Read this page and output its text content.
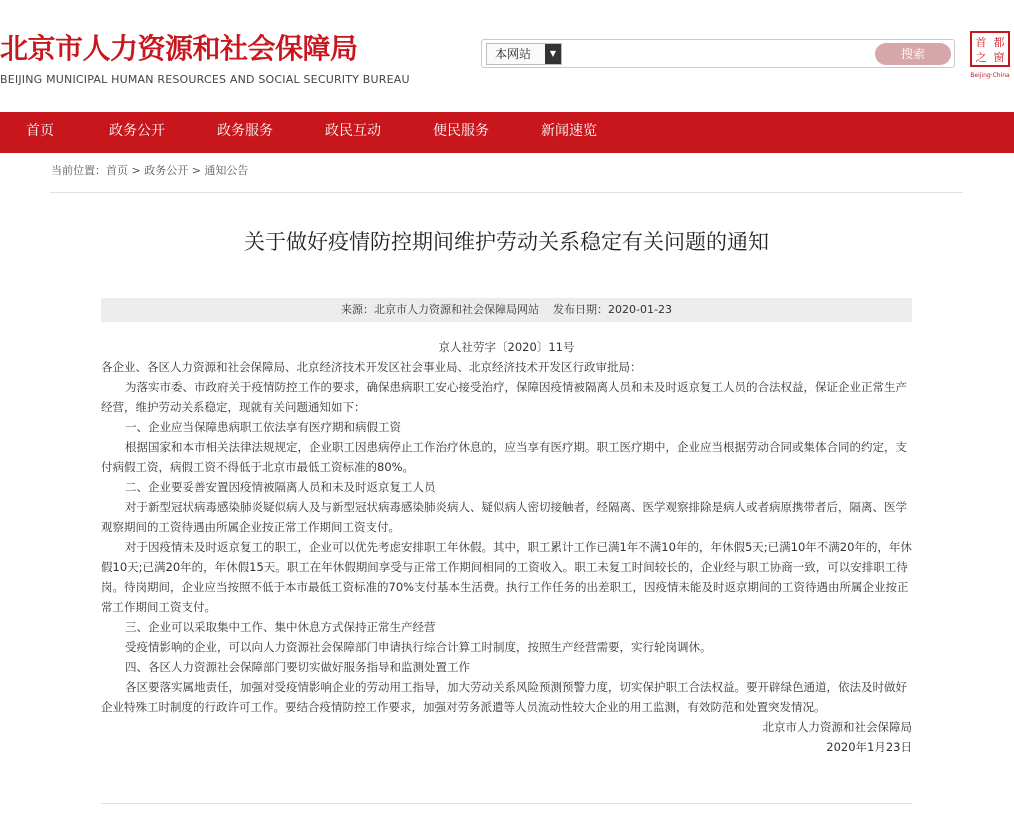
北京市人力资源和社会保障局
BEIJING MUNICIPAL HUMAN RESOURCES AND SOCIAL SECURITY BUREAU
本网站	▼	搜索
首 都
之 窗
Beijing·China
首页	政务公开	政务服务	政民互动	便民服务	新闻速览
当前位置：首页 > 政务公开 > 通知公告
关于做好疫情防控期间维护劳动关系稳定有关问题的通知
来源：北京市人力资源和社会保障局网站    发布日期：2020-01-23

京人社劳字〔2020〕11号

各企业、各区人力资源和社会保障局、北京经济技术开发区社会事业局、北京经济技术开发区行政审批局：

为落实市委、市政府关于疫情防控工作的要求，确保患病职工安心接受治疗，保障因疫情被隔离人员和未及时返京复工人员的合法权益，保证企业正常生产经营，维护劳动关系稳定，现就有关问题通知如下：

一、企业应当保障患病职工依法享有医疗期和病假工资

根据国家和本市相关法律法规规定，企业职工因患病停止工作治疗休息的，应当享有医疗期。职工医疗期中，企业应当根据劳动合同或集体合同的约定，支付病假工资，病假工资不得低于北京市最低工资标准的80%。

二、企业要妥善安置因疫情被隔离人员和未及时返京复工人员

对于新型冠状病毒感染肺炎疑似病人及与新型冠状病毒感染肺炎病人、疑似病人密切接触者，经隔离、医学观察排除是病人或者病原携带者后，隔离、医学观察期间的工资待遇由所属企业按正常工作期间工资支付。

对于因疫情未及时返京复工的职工，企业可以优先考虑安排职工年休假。其中，职工累计工作已满1年不满10年的，年休假5天;已满10年不满20年的，年休假10天;已满20年的，年休假15天。职工在年休假期间享受与正常工作期间相同的工资收入。职工未复工时间较长的，企业经与职工协商一致，可以安排职工待岗。待岗期间，企业应当按照不低于本市最低工资标准的70%支付基本生活费。执行工作任务的出差职工，因疫情未能及时返京期间的工资待遇由所属企业按正常工作期间工资支付。

三、企业可以采取集中工作、集中休息方式保持正常生产经营

受疫情影响的企业，可以向人力资源社会保障部门申请执行综合计算工时制度，按照生产经营需要，实行轮岗调休。

四、各区人力资源社会保障部门要切实做好服务指导和监测处置工作

各区要落实属地责任，加强对受疫情影响企业的劳动用工指导，加大劳动关系风险预测预警力度，切实保护职工合法权益。要开辟绿色通道，依法及时做好企业特殊工时制度的行政许可工作。要结合疫情防控工作要求，加强对劳务派遣等人员流动性较大企业的用工监测，有效防范和处置突发情况。

北京市人力资源和社会保障局

2020年1月23日
